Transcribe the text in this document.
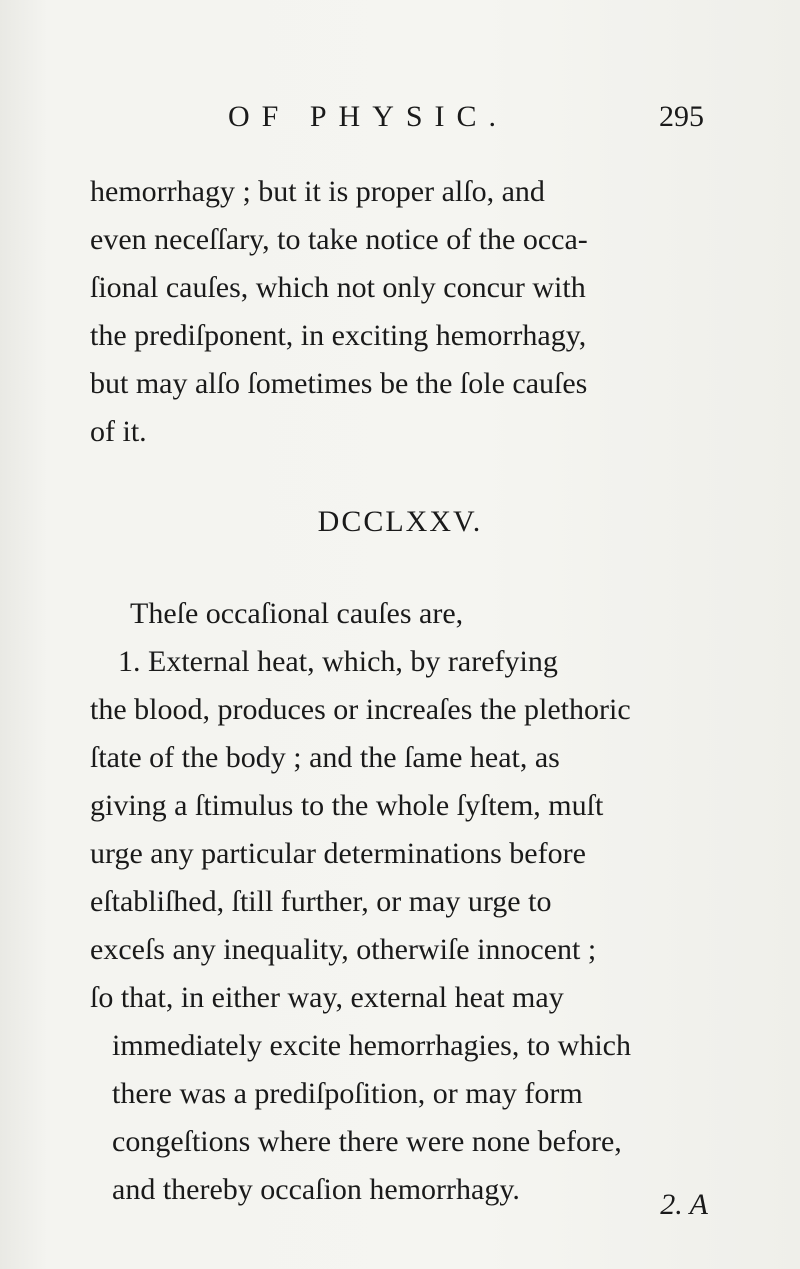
OF PHYSIC.	295
hemorrhagy ; but it is proper alſo, and
even neceſſary, to take notice of the occa-
ſional cauſes, which not only concur with
the prediſponent, in exciting hemorrhagy,
but may alſo ſometimes be the ſole cauſes
of it.
DCCLXXV.
Theſe occaſional cauſes are,
1. External heat, which, by rarefying
the blood, produces or increaſes the plethoric
ſtate of the body ; and the ſame heat, as
giving a ſtimulus to the whole ſyſtem, muſt
urge any particular determinations before
eſtabliſhed, ſtill further, or may urge to
exceſs any inequality, otherwiſe innocent ;
ſo that, in either way, external heat may
immediately excite hemorrhagies, to which
there was a prediſpoſition, or may form
congeſtions where there were none before,
and thereby occaſion hemorrhagy.	2. A
